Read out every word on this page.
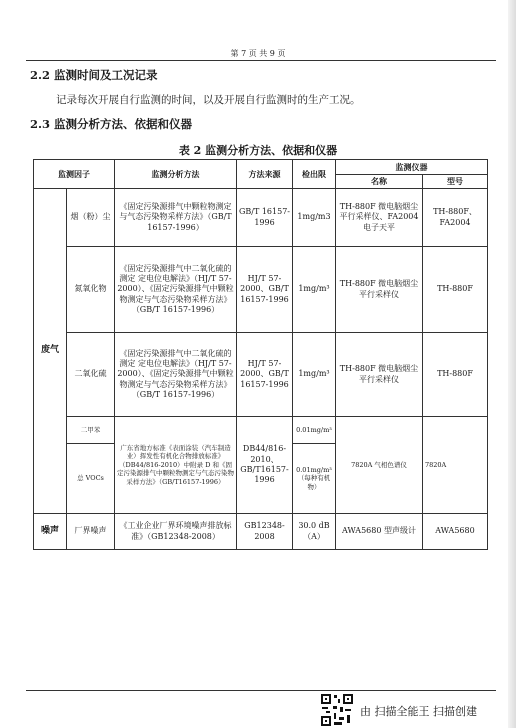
第 7 页 共 9 页
2.2 监测时间及工况记录
记录每次开展自行监测的时间，以及开展自行监测时的生产工况。
2.3 监测分析方法、依据和仪器
表 2 监测分析方法、依据和仪器
监测因子		监测分析方法	方法来源	检出限	监测仪器	
					名称	型号
废气	烟（粉）尘	《固定污染源排气中颗粒物测定与气态污染物采样方法》（GB/T 16157-1996）	GB/T 16157-1996	1mg/m3	TH-880F 微电脑烟尘平行采样仪、FA2004 电子天平	TH-880F、FA2004
	氮氧化物	《固定污染源排气中二氧化硫的测定 定电位电解法》（HJ/T 57-2000）、《固定污染源排气中颗粒物测定与气态污染物采样方法》（GB/T 16157-1996）	HJ/T 57-2000、GB/T 16157-1996	1mg/m³	TH-880F 微电脑烟尘平行采样仪	TH-880F
	二氧化硫	《固定污染源排气中二氧化硫的测定 定电位电解法》（HJ/T 57-2000）、《固定污染源排气中颗粒物测定与气态污染物采样方法》（GB/T 16157-1996）	HJ/T 57-2000、GB/T 16157-1996	1mg/m³	TH-880F 微电脑烟尘平行采样仪	TH-880F
	二甲苯	广东省地方标准《表面涂装（汽车制造业）挥发性有机化合物排放标准》（DB44/816-2010）中附录 D 和《固定污染源排气中颗粒物测定与气态污染物采样方法》（GB/T16157-1996）	DB44/816-2010、GB/T16157-1996	0.01mg/m³	7820A 气相色谱仪	7820A
	总 VOCs			0.01mg/m³（每种有机物）		
噪声	厂界噪声	《工业企业厂界环境噪声排放标准》（GB12348-2008）	GB12348-2008	30.0 dB（A）	AWA5680 型声级计	AWA5680
由 扫描全能王 扫描创建
